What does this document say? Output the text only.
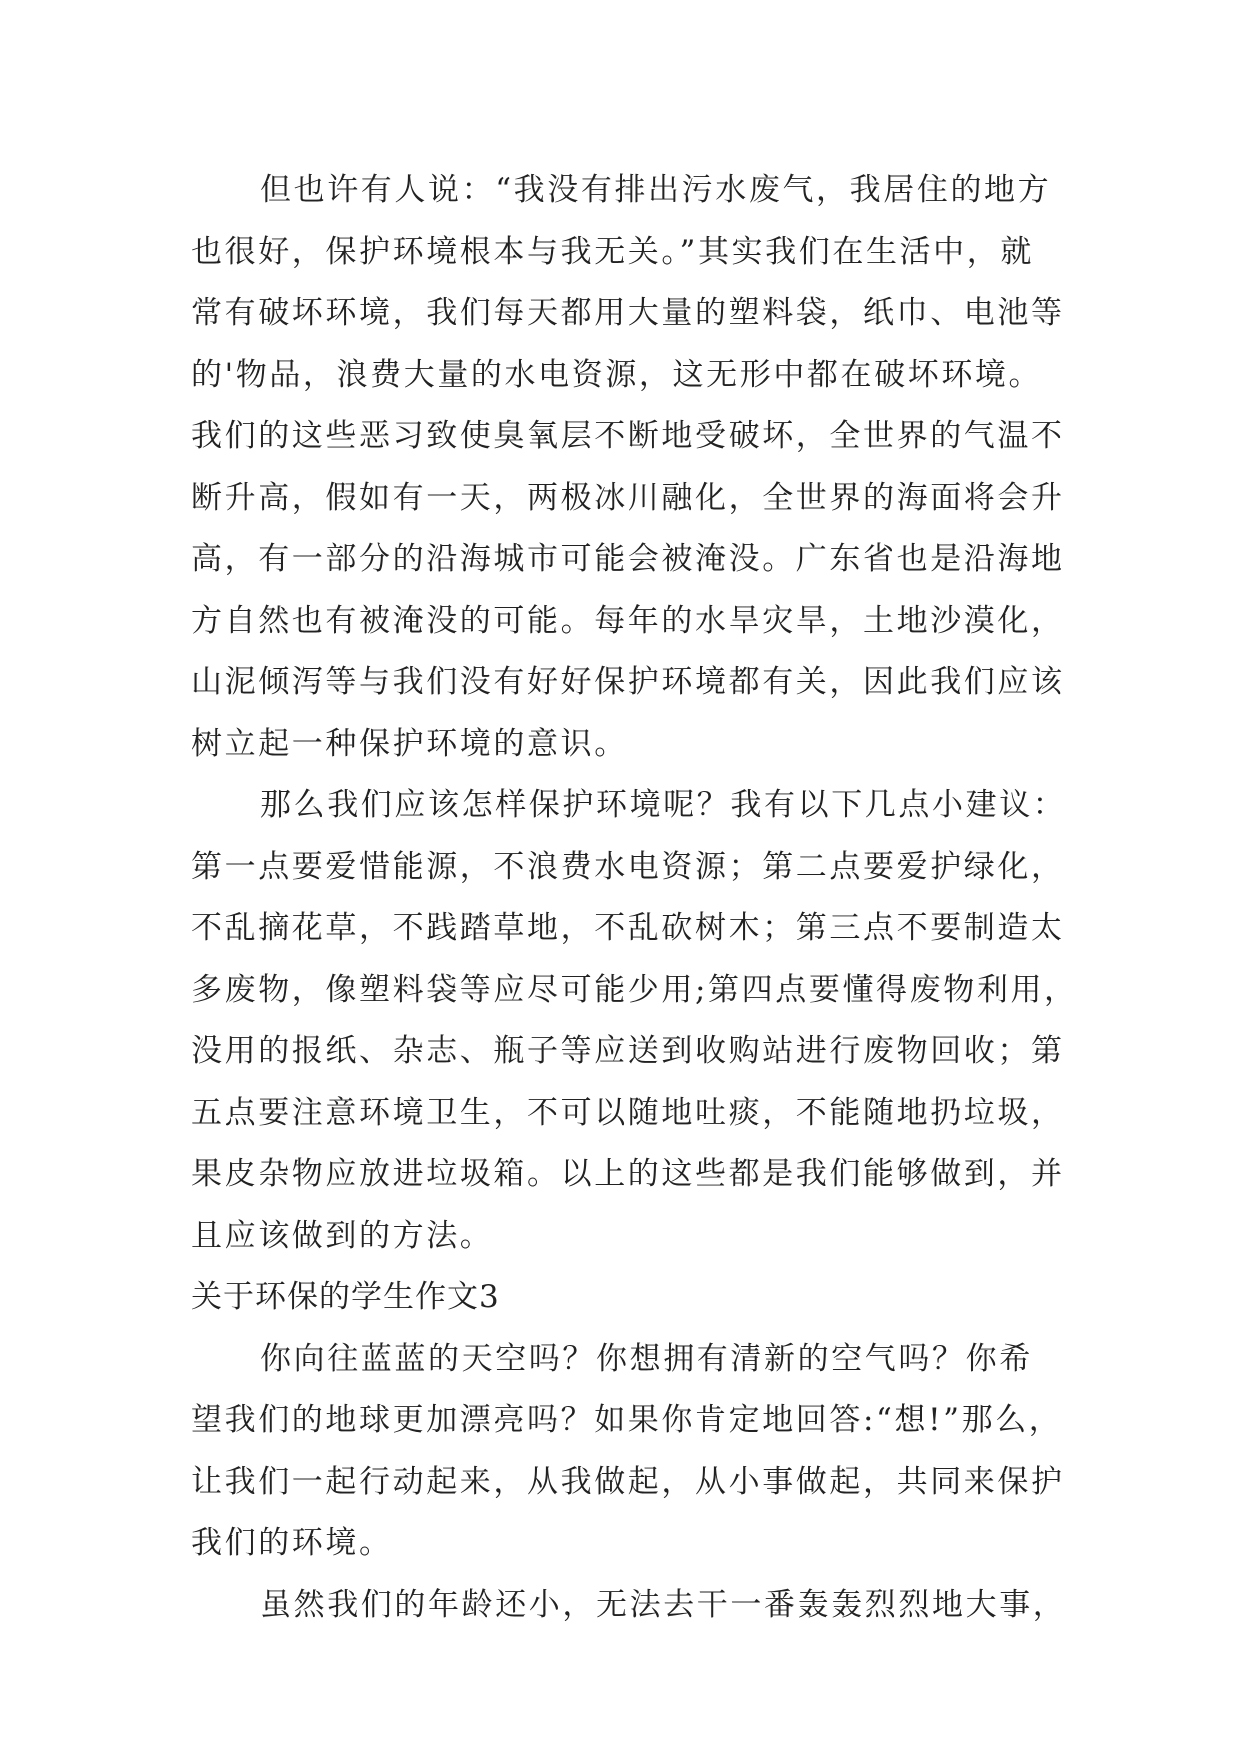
但也许有人说：“我没有排出污水废气，我居住的地方
也很好，保护环境根本与我无关。”其实我们在生活中，就
常有破坏环境，我们每天都用大量的塑料袋，纸巾、电池等
的'物品，浪费大量的水电资源，这无形中都在破坏环境。
我们的这些恶习致使臭氧层不断地受破坏，全世界的气温不
断升高，假如有一天，两极冰川融化，全世界的海面将会升
高，有一部分的沿海城市可能会被淹没。广东省也是沿海地
方自然也有被淹没的可能。每年的水旱灾旱，土地沙漠化，
山泥倾泻等与我们没有好好保护环境都有关，因此我们应该
树立起一种保护环境的意识。
那么我们应该怎样保护环境呢？我有以下几点小建议：
第一点要爱惜能源，不浪费水电资源；第二点要爱护绿化，
不乱摘花草，不践踏草地，不乱砍树木；第三点不要制造太
多废物，像塑料袋等应尽可能少用;第四点要懂得废物利用，
没用的报纸、杂志、瓶子等应送到收购站进行废物回收；第
五点要注意环境卫生，不可以随地吐痰，不能随地扔垃圾，
果皮杂物应放进垃圾箱。以上的这些都是我们能够做到，并
且应该做到的方法。
关于环保的学生作文3
你向往蓝蓝的天空吗？你想拥有清新的空气吗？你希
望我们的地球更加漂亮吗？如果你肯定地回答:“想!”那么，
让我们一起行动起来，从我做起，从小事做起，共同来保护
我们的环境。
虽然我们的年龄还小，无法去干一番轰轰烈烈地大事，
